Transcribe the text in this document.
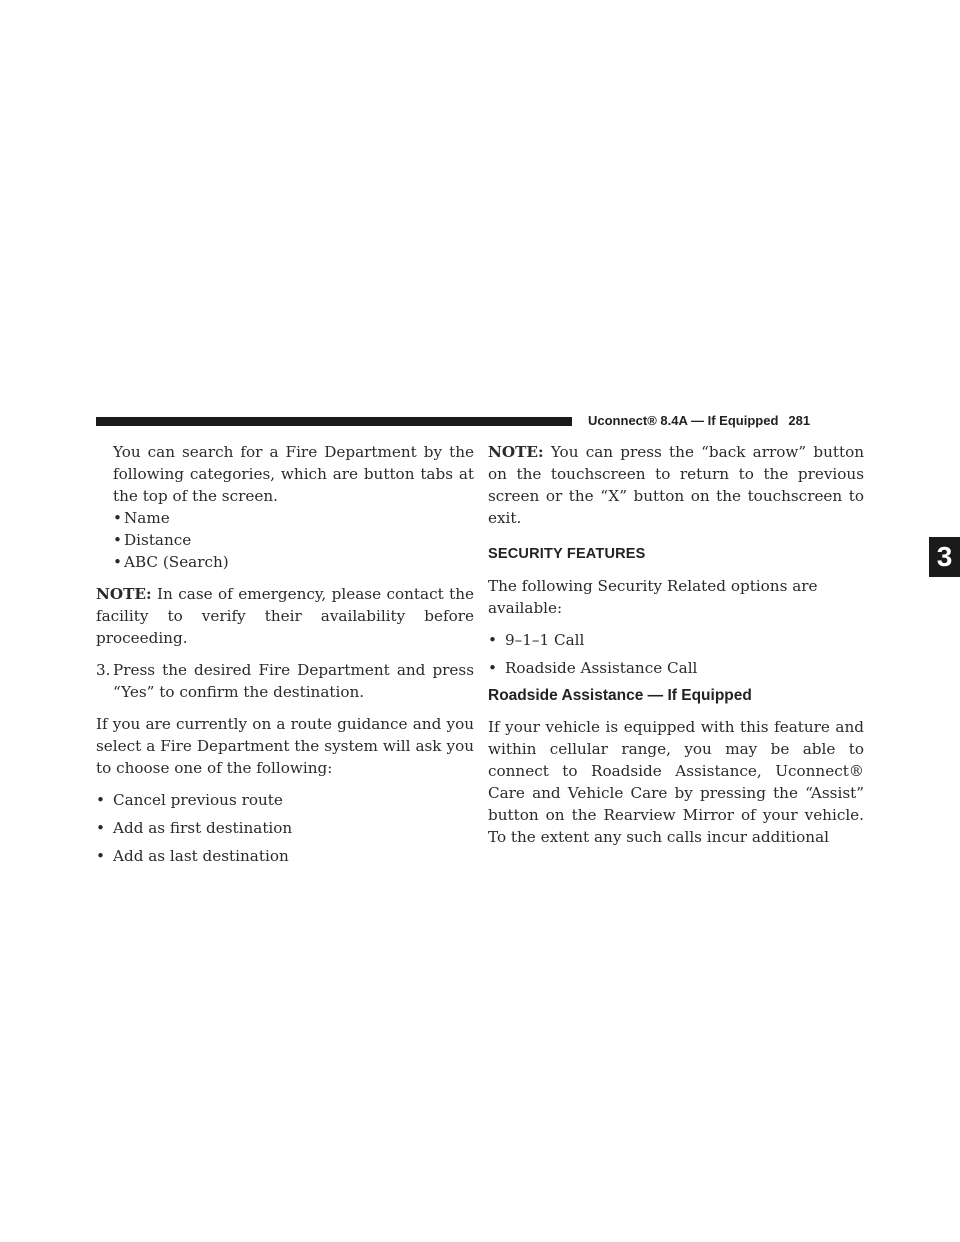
Uconnect® 8.4A — If Equipped 281
3

You can search for a Fire Department by the following categories, which are button tabs at the top of the screen.

• Name
• Distance
• ABC (Search)

NOTE: In case of emergency, please contact the facility to verify their availability before proceeding.

3. Press the desired Fire Department and press “Yes” to confirm the destination.

If you are currently on a route guidance and you select a Fire Department the system will ask you to choose one of the following:

• Cancel previous route
• Add as first destination
• Add as last destination

NOTE: You can press the “back arrow” button on the touchscreen to return to the previous screen or the “X” button on the touchscreen to exit.

SECURITY FEATURES

The following Security Related options are available:

• 9–1–1 Call
• Roadside Assistance Call

Roadside Assistance — If Equipped

If your vehicle is equipped with this feature and within cellular range, you may be able to connect to Roadside Assistance, Uconnect® Care and Vehicle Care by pressing the “Assist” button on the Rearview Mirror of your vehicle. To the extent any such calls incur additional
